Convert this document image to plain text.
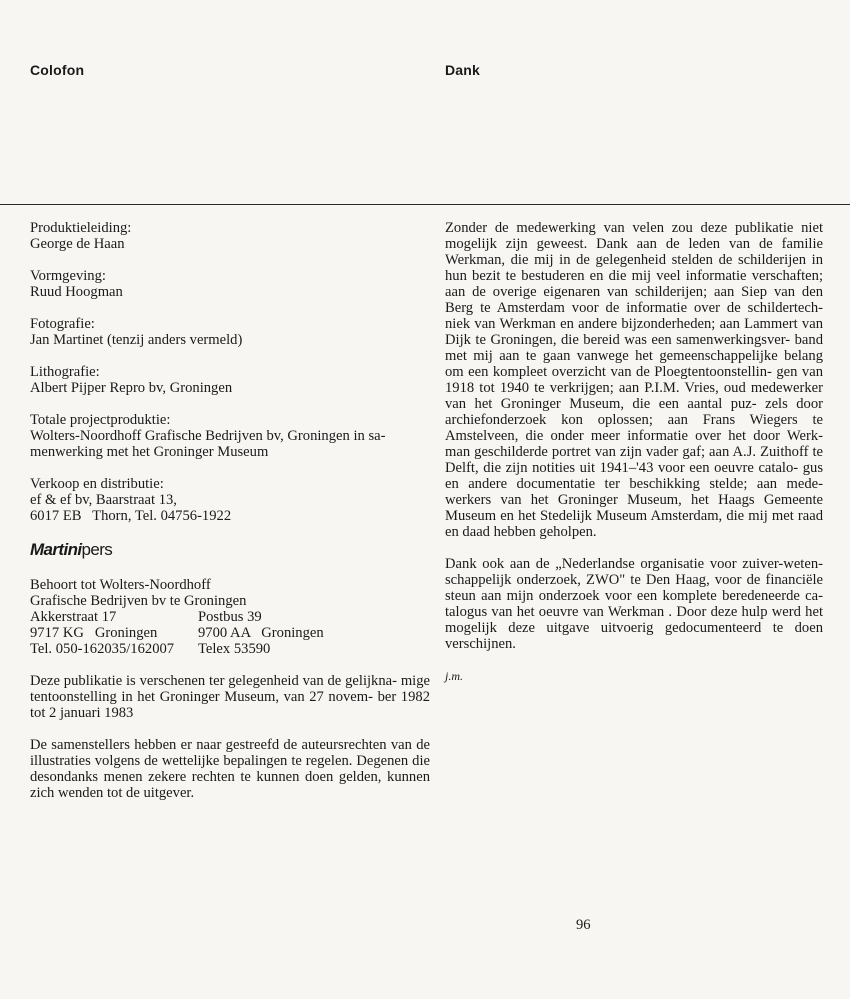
Colofon	Dank
Produktieleiding:
George de Haan
Vormgeving:
Ruud Hoogman
Fotografie:
Jan Martinet (tenzij anders vermeld)
Lithografie:
Albert Pijper Repro bv, Groningen
Totale projectproduktie:
Wolters-Noordhoff Grafische Bedrijven bv, Groningen in sa-
menwerking met het Groninger Museum
Verkoop en distributie:
ef & ef bv, Baarstraat 13,
6017 EB   Thorn, Tel. 04756-1922
Martinipers
Behoort tot Wolters-Noordhoff
Grafische Bedrijven bv te Groningen
Akkerstraat 17	Postbus 39
9717 KG   Groningen	9700 AA   Groningen
Tel. 050-162035/162007	Telex 53590

Deze publikatie is verschenen ter gelegenheid van de gelijkna- mige tentoonstelling in het Groninger Museum, van 27 novem- ber 1982 tot 2 januari 1983

De samenstellers hebben er naar gestreefd de auteursrechten van de illustraties volgens de wettelijke bepalingen te regelen. Degenen die desondanks menen zekere rechten te kunnen doen gelden, kunnen zich wenden tot de uitgever.

Zonder de medewerking van velen zou deze publikatie niet mogelijk zijn geweest. Dank aan de leden van de familie Werkman, die mij in de gelegenheid stelden de schilderijen in hun bezit te bestuderen en die mij veel informatie verschaften; aan de overige eigenaren van schilderijen; aan Siep van den Berg te Amsterdam voor de informatie over de schildertech- niek van Werkman en andere bijzonderheden; aan Lammert van Dijk te Groningen, die bereid was een samenwerkingsver- band met mij aan te gaan vanwege het gemeenschappelijke belang om een kompleet overzicht van de Ploegtentoonstellin- gen van 1918 tot 1940 te verkrijgen; aan P.I.M. Vries, oud medewerker van het Groninger Museum, die een aantal puz- zels door archiefonderzoek kon oplossen; aan Frans Wiegers te Amstelveen, die onder meer informatie over het door Werk- man geschilderde portret van zijn vader gaf; aan A.J. Zuithoff te Delft, die zijn notities uit 1941–'43 voor een oeuvre catalo- gus en andere documentatie ter beschikking stelde; aan mede- werkers van het Groninger Museum, het Haags Gemeente Museum en het Stedelijk Museum Amsterdam, die mij met raad en daad hebben geholpen.

Dank ook aan de „Nederlandse organisatie voor zuiver-weten- schappelijk onderzoek, ZWO" te Den Haag, voor de financiële steun aan mijn onderzoek voor een komplete beredeneerde ca- talogus van het oeuvre van Werkman . Door deze hulp werd het mogelijk deze uitgave uitvoerig gedocumenteerd te doen verschijnen.

j.m.
96
